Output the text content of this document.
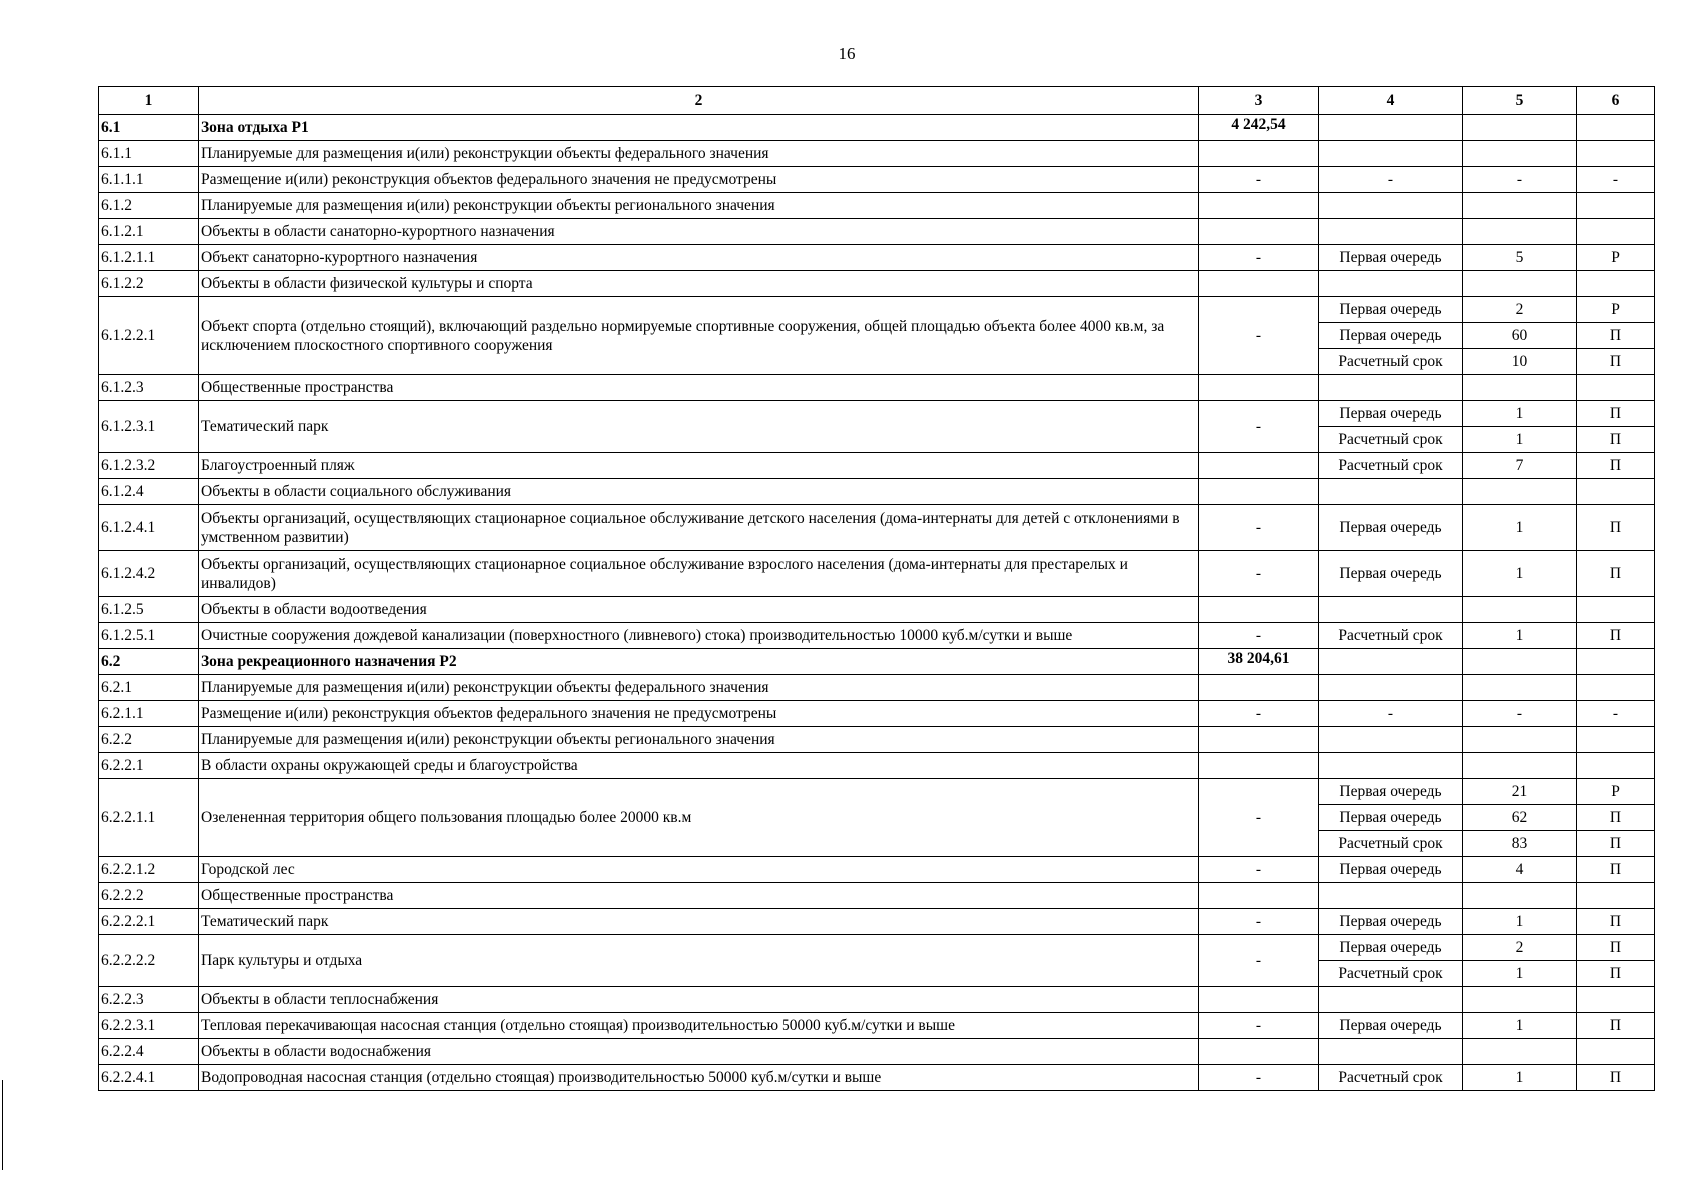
16
1	2	3	4	5	6
6.1	Зона отдыха Р1	4 242,54			
6.1.1	Планируемые для размещения и(или) реконструкции объекты федерального значения				
6.1.1.1	Размещение и(или) реконструкция объектов федерального значения не предусмотрены	-	-	-	-
6.1.2	Планируемые для размещения и(или) реконструкции объекты регионального значения				
6.1.2.1	Объекты в области санаторно-курортного назначения				
6.1.2.1.1	Объект санаторно-курортного назначения	-	Первая очередь	5	Р
6.1.2.2	Объекты в области физической культуры и спорта				
6.1.2.2.1	Объект спорта (отдельно стоящий), включающий раздельно нормируемые спортивные сооружения, общей площадью объекта более 4000 кв.м, за исключением плоскостного спортивного сооружения	-	Первая очередь	2	Р
			Первая очередь	60	П
			Расчетный срок	10	П
6.1.2.3	Общественные пространства				
6.1.2.3.1	Тематический парк	-	Первая очередь	1	П
			Расчетный срок	1	П
6.1.2.3.2	Благоустроенный пляж		Расчетный срок	7	П
6.1.2.4	Объекты в области социального обслуживания				
6.1.2.4.1	Объекты организаций, осуществляющих стационарное социальное обслуживание детского населения (дома-интернаты для детей с отклонениями в умственном развитии)	-	Первая очередь	1	П
6.1.2.4.2	Объекты организаций, осуществляющих стационарное социальное обслуживание взрослого населения (дома-интернаты для престарелых и инвалидов)	-	Первая очередь	1	П
6.1.2.5	Объекты в области водоотведения				
6.1.2.5.1	Очистные сооружения дождевой канализации (поверхностного (ливневого) стока) производительностью 10000 куб.м/сутки и выше	-	Расчетный срок	1	П
6.2	Зона рекреационного назначения Р2	38 204,61			
6.2.1	Планируемые для размещения и(или) реконструкции объекты федерального значения				
6.2.1.1	Размещение и(или) реконструкция объектов федерального значения не предусмотрены	-	-	-	-
6.2.2	Планируемые для размещения и(или) реконструкции объекты регионального значения				
6.2.2.1	В области охраны окружающей среды и благоустройства				
6.2.2.1.1	Озелененная территория общего пользования площадью более 20000 кв.м	-	Первая очередь	21	Р
			Первая очередь	62	П
			Расчетный срок	83	П
6.2.2.1.2	Городской лес	-	Первая очередь	4	П
6.2.2.2	Общественные пространства				
6.2.2.2.1	Тематический парк	-	Первая очередь	1	П
6.2.2.2.2	Парк культуры и отдыха	-	Первая очередь	2	П
			Расчетный срок	1	П
6.2.2.3	Объекты в области теплоснабжения				
6.2.2.3.1	Тепловая перекачивающая насосная станция (отдельно стоящая) производительностью 50000 куб.м/сутки и выше	-	Первая очередь	1	П
6.2.2.4	Объекты в области водоснабжения				
6.2.2.4.1	Водопроводная насосная станция (отдельно стоящая) производительностью 50000 куб.м/сутки и выше	-	Расчетный срок	1	П
